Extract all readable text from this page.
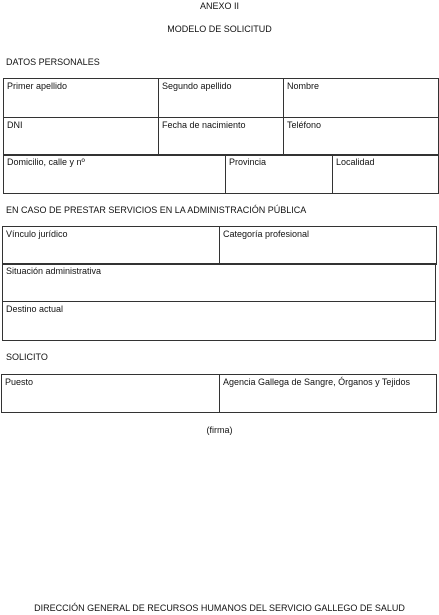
ANEXO II
MODELO DE SOLICITUD
DATOS PERSONALES
Primer apellido	Segundo apellido	Nombre
DNI	Fecha de nacimiento	Teléfono
Domicilio, calle y nº	Provincia	Localidad
EN CASO DE PRESTAR SERVICIOS EN LA ADMINISTRACIÓN PÚBLICA
Vínculo jurídico	Categoría profesional
Situación administrativa
Destino actual
SOLICITO
Puesto	Agencia Gallega de Sangre, Órganos y Tejidos
(firma)
DIRECCIÓN GENERAL DE RECURSOS HUMANOS DEL SERVICIO GALLEGO DE SALUD
